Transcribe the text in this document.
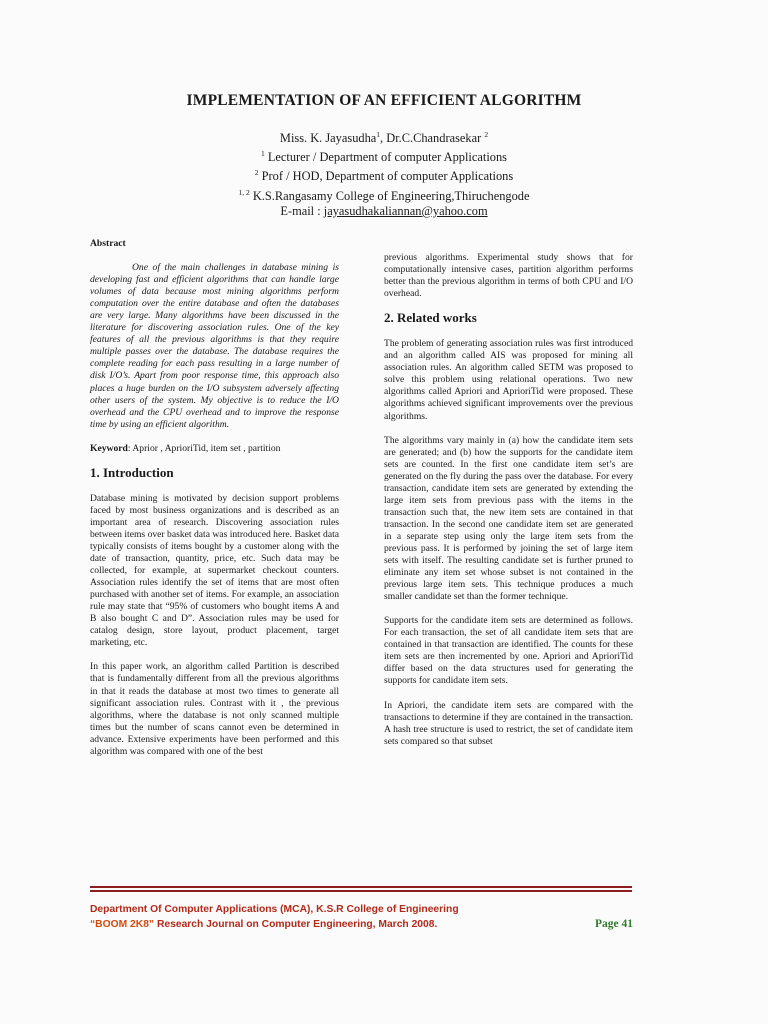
IMPLEMENTATION OF AN EFFICIENT ALGORITHM
Miss. K. Jayasudha$^1$, Dr.C.Chandrasekar $^2$
$^1$ Lecturer / Department of computer Applications
$^2$ Prof / HOD, Department of computer Applications
$^{1, 2}$ K.S.Rangasamy College of Engineering,Thiruchengode
E-mail : jayasudhakaliannan@yahoo.com

Abstract

One of the main challenges in database mining is developing fast and efficient algorithms that can handle large volumes of data because most mining algorithms perform computation over the entire database and often the databases are very large. Many algorithms have been discussed in the literature for discovering association rules. One of the key features of all the previous algorithms is that they require multiple passes over the database. The database requires the complete reading for each pass resulting in a large number of disk I/O’s. Apart from poor response time, this approach also places a huge burden on the I/O subsystem adversely affecting other users of the system. My objective is to reduce the I/O overhead and the CPU overhead and to improve the response time by using an efficient algorithm.

Keyword: Aprior , AprioriTid, item set , partition

1. Introduction

Database mining is motivated by decision support problems faced by most business organizations and is described as an important area of research. Discovering association rules between items over basket data was introduced here. Basket data typically consists of items bought by a customer along with the date of transaction, quantity, price, etc. Such data may be collected, for example, at supermarket checkout counters. Association rules identify the set of items that are most often purchased with another set of items. For example, an association rule may state that “95% of customers who bought items A and B also bought C and D”. Association rules may be used for catalog design, store layout, product placement, target marketing, etc.

In this paper work, an algorithm called Partition is described that is fundamentally different from all the previous algorithms in that it reads the database at most two times to generate all significant association rules. Contrast with it , the previous algorithms, where the database is not only scanned multiple times but the number of scans cannot even be determined in advance. Extensive experiments have been performed and this algorithm was compared with one of the best

previous algorithms. Experimental study shows that for computationally intensive cases, partition algorithm performs better than the previous algorithm in terms of both CPU and I/O overhead.

2. Related works

The problem of generating association rules was first introduced and an algorithm called AIS was proposed for mining all association rules. An algorithm called SETM was proposed to solve this problem using relational operations. Two new algorithms called Apriori and AprioriTid were proposed. These algorithms achieved significant improvements over the previous algorithms.

The algorithms vary mainly in (a) how the candidate item sets are generated; and (b) how the supports for the candidate item sets are counted. In the first one candidate item set’s are generated on the fly during the pass over the database. For every transaction, candidate item sets are generated by extending the large item sets from previous pass with the items in the transaction such that, the new item sets are contained in that transaction. In the second one candidate item set are generated in a separate step using only the large item sets from the previous pass. It is performed by joining the set of large item sets with itself. The resulting candidate set is further pruned to eliminate any item set whose subset is not contained in the previous large item sets. This technique produces a much smaller candidate set than the former technique.

Supports for the candidate item sets are determined as follows. For each transaction, the set of all candidate item sets that are contained in that transaction are identified. The counts for these item sets are then incremented by one. Apriori and AprioriTid differ based on the data structures used for generating the supports for candidate item sets.

In Apriori, the candidate item sets are compared with the transactions to determine if they are contained in the transaction. A hash tree structure is used to restrict, the set of candidate item sets compared so that subset

Department Of Computer Applications (MCA), K.S.R College of Engineering
“BOOM 2K8” Research Journal on Computer Engineering, March 2008.	Page 41
